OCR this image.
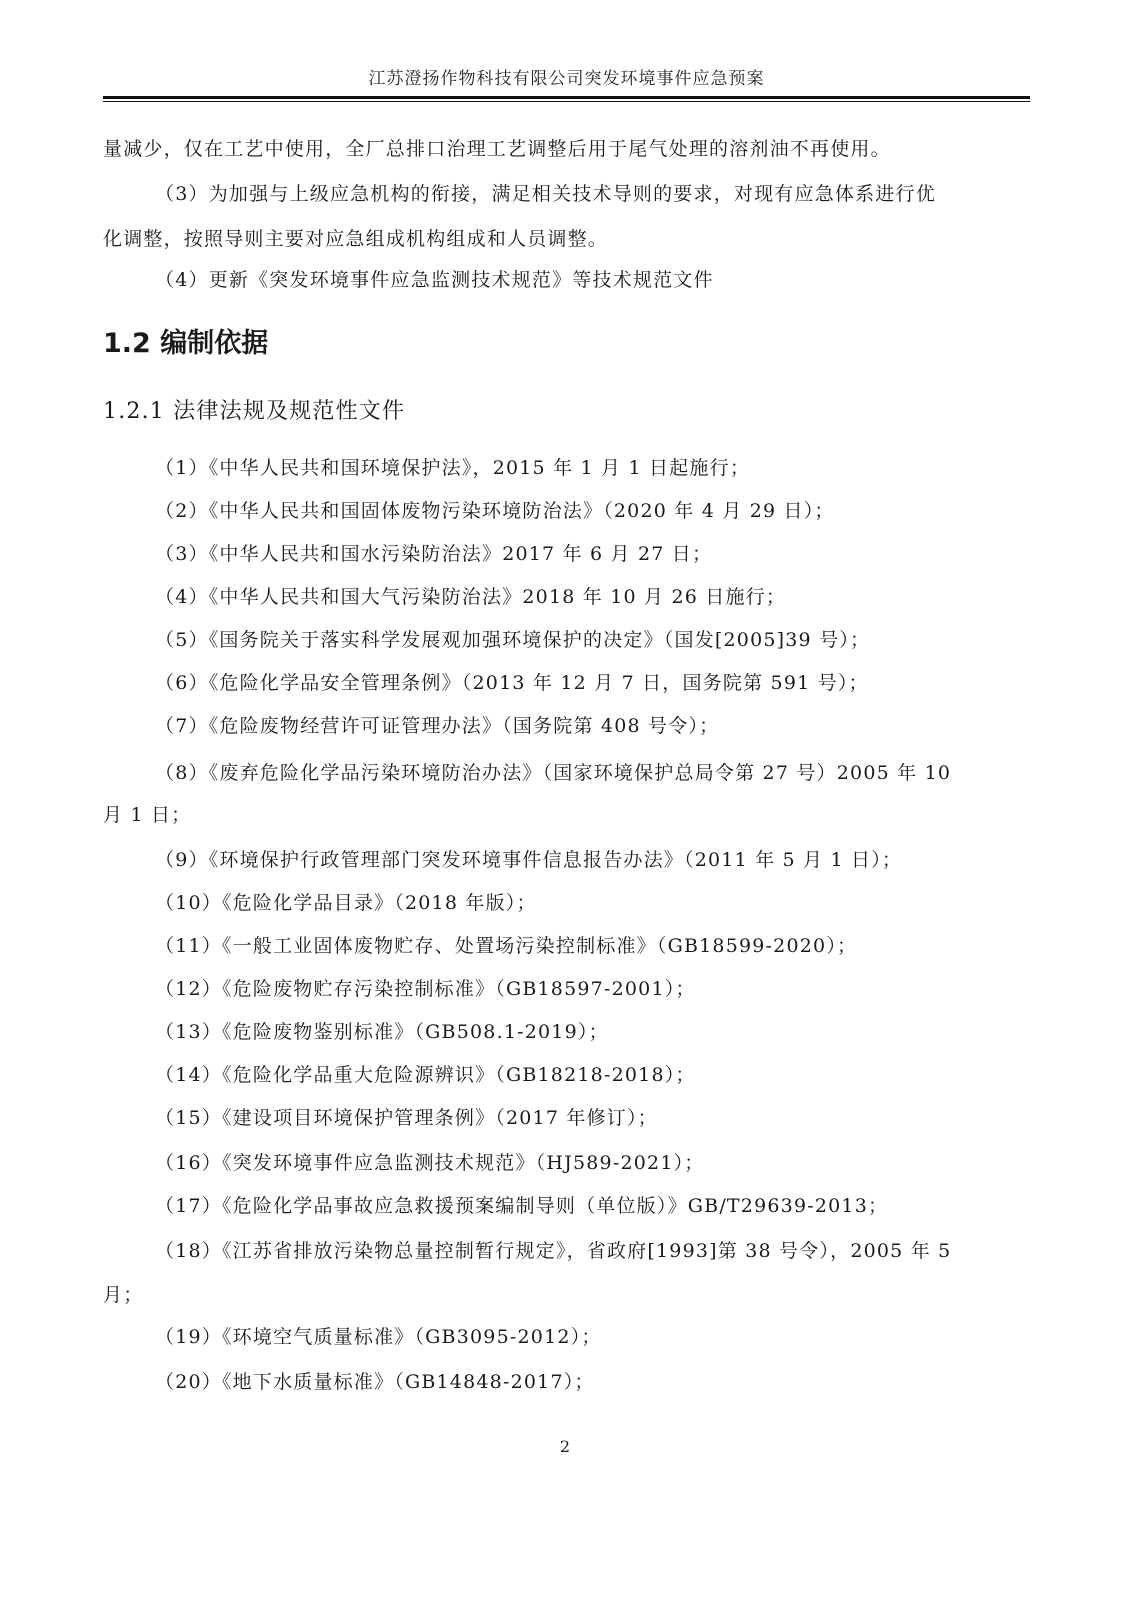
江苏澄扬作物科技有限公司突发环境事件应急预案
量减少，仅在工艺中使用，全厂总排口治理工艺调整后用于尾气处理的溶剂油不再使用。
（3）为加强与上级应急机构的衔接，满足相关技术导则的要求，对现有应急体系进行优
化调整，按照导则主要对应急组成机构组成和人员调整。
（4）更新《突发环境事件应急监测技术规范》等技术规范文件
1.2 编制依据
1.2.1 法律法规及规范性文件
（1）《中华人民共和国环境保护法》，2015 年 1 月 1 日起施行；
（2）《中华人民共和国固体废物污染环境防治法》（2020 年 4 月 29 日）；
（3）《中华人民共和国水污染防治法》2017 年 6 月 27 日；
（4）《中华人民共和国大气污染防治法》2018 年 10 月 26 日施行；
（5）《国务院关于落实科学发展观加强环境保护的决定》（国发[2005]39 号）；
（6）《危险化学品安全管理条例》（2013 年 12 月 7 日，国务院第 591 号）；
（7）《危险废物经营许可证管理办法》（国务院第 408 号令）；
（8）《废弃危险化学品污染环境防治办法》（国家环境保护总局令第 27 号）2005 年 10
月 1 日；
（9）《环境保护行政管理部门突发环境事件信息报告办法》（2011 年 5 月 1 日）；
（10）《危险化学品目录》（2018 年版）；
（11）《一般工业固体废物贮存、处置场污染控制标准》（GB18599-2020）；
（12）《危险废物贮存污染控制标准》（GB18597-2001）；
（13）《危险废物鉴别标准》（GB508.1-2019）；
（14）《危险化学品重大危险源辨识》（GB18218-2018）；
（15）《建设项目环境保护管理条例》（2017 年修订）；
（16）《突发环境事件应急监测技术规范》（HJ589-2021）；
（17）《危险化学品事故应急救援预案编制导则（单位版）》GB/T29639-2013；
（18）《江苏省排放污染物总量控制暂行规定》，省政府[1993]第 38 号令），2005 年 5
月；
（19）《环境空气质量标准》（GB3095-2012）；
（20）《地下水质量标准》（GB14848-2017）；
2
